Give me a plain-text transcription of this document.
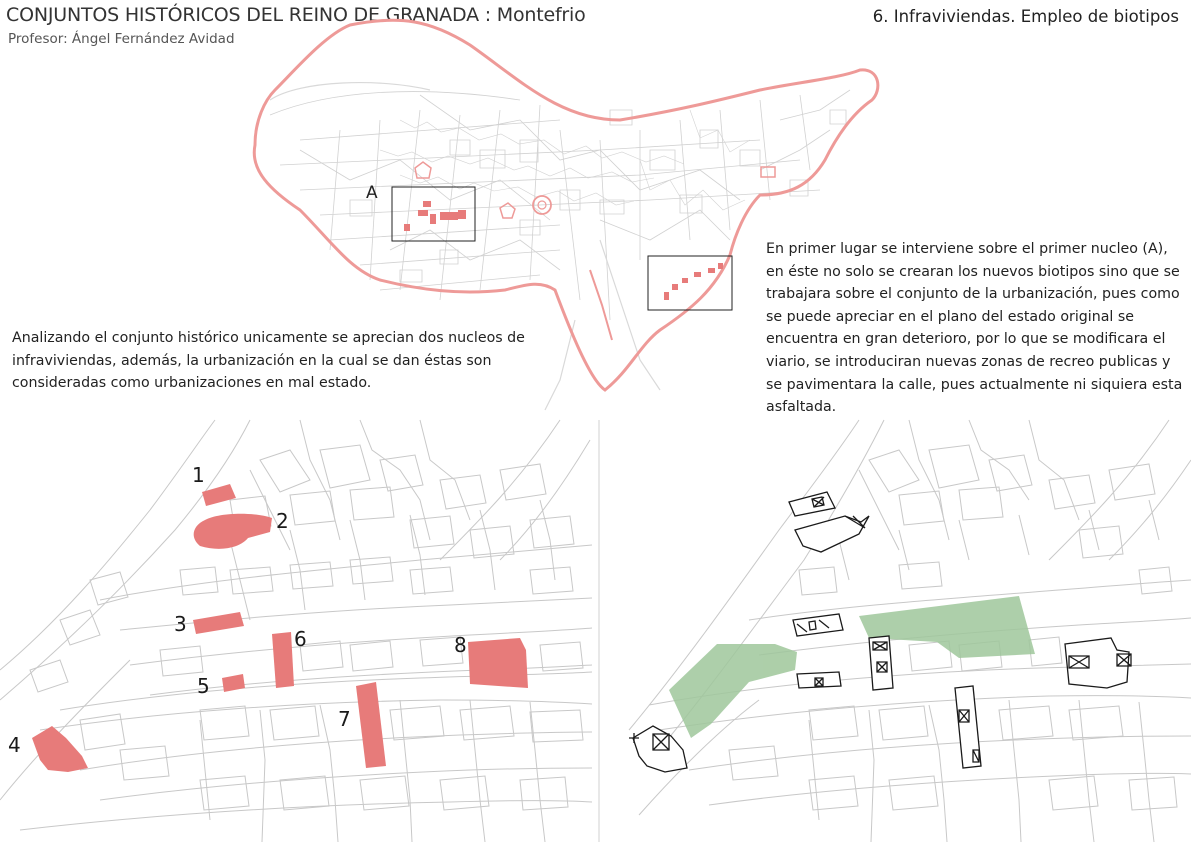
CONJUNTOS HISTÓRICOS DEL REINO DE GRANADA : Montefrio
Profesor: Ángel Fernández Avidad
6. Infraviviendas. Empleo de biotipos
A

Analizando el conjunto histórico unicamente se aprecian dos nucleos de infraviviendas, además, la urbanización en la cual se dan éstas son consideradas como urbanizaciones en mal estado.

En primer lugar se interviene sobre el primer nucleo (A), en éste no solo se crearan los nuevos biotipos sino que se trabajara sobre el conjunto de la urbanización, pues como se puede apreciar en el plano del estado original se encuentra en gran deterioro, por lo que se modificara el viario, se introduciran nuevas zonas de recreo publicas y se pavimentara la calle, pues actualmente ni siquiera esta asfaltada.

1
2
3
4
5
6
7
8
